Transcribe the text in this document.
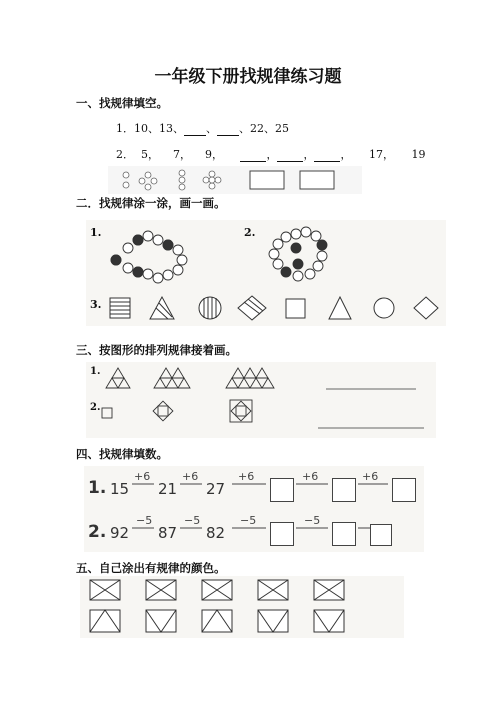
一年级下册找规律练习题
一、找规律填空。
1．10、13、 、 、22、25
2． 5， 7， 9，	， ， ， 17， 19
二．找规律涂一涂，画一画。
1.	2.
3.
三、按图形的排列规律接着画。
1.
2.
四、找规律填数。
1. 15
+6
21
+6
27
+6	+6	+6
2. 92
−5
87
−5
82
−5	−5
五、自己涂出有规律的颜色。
